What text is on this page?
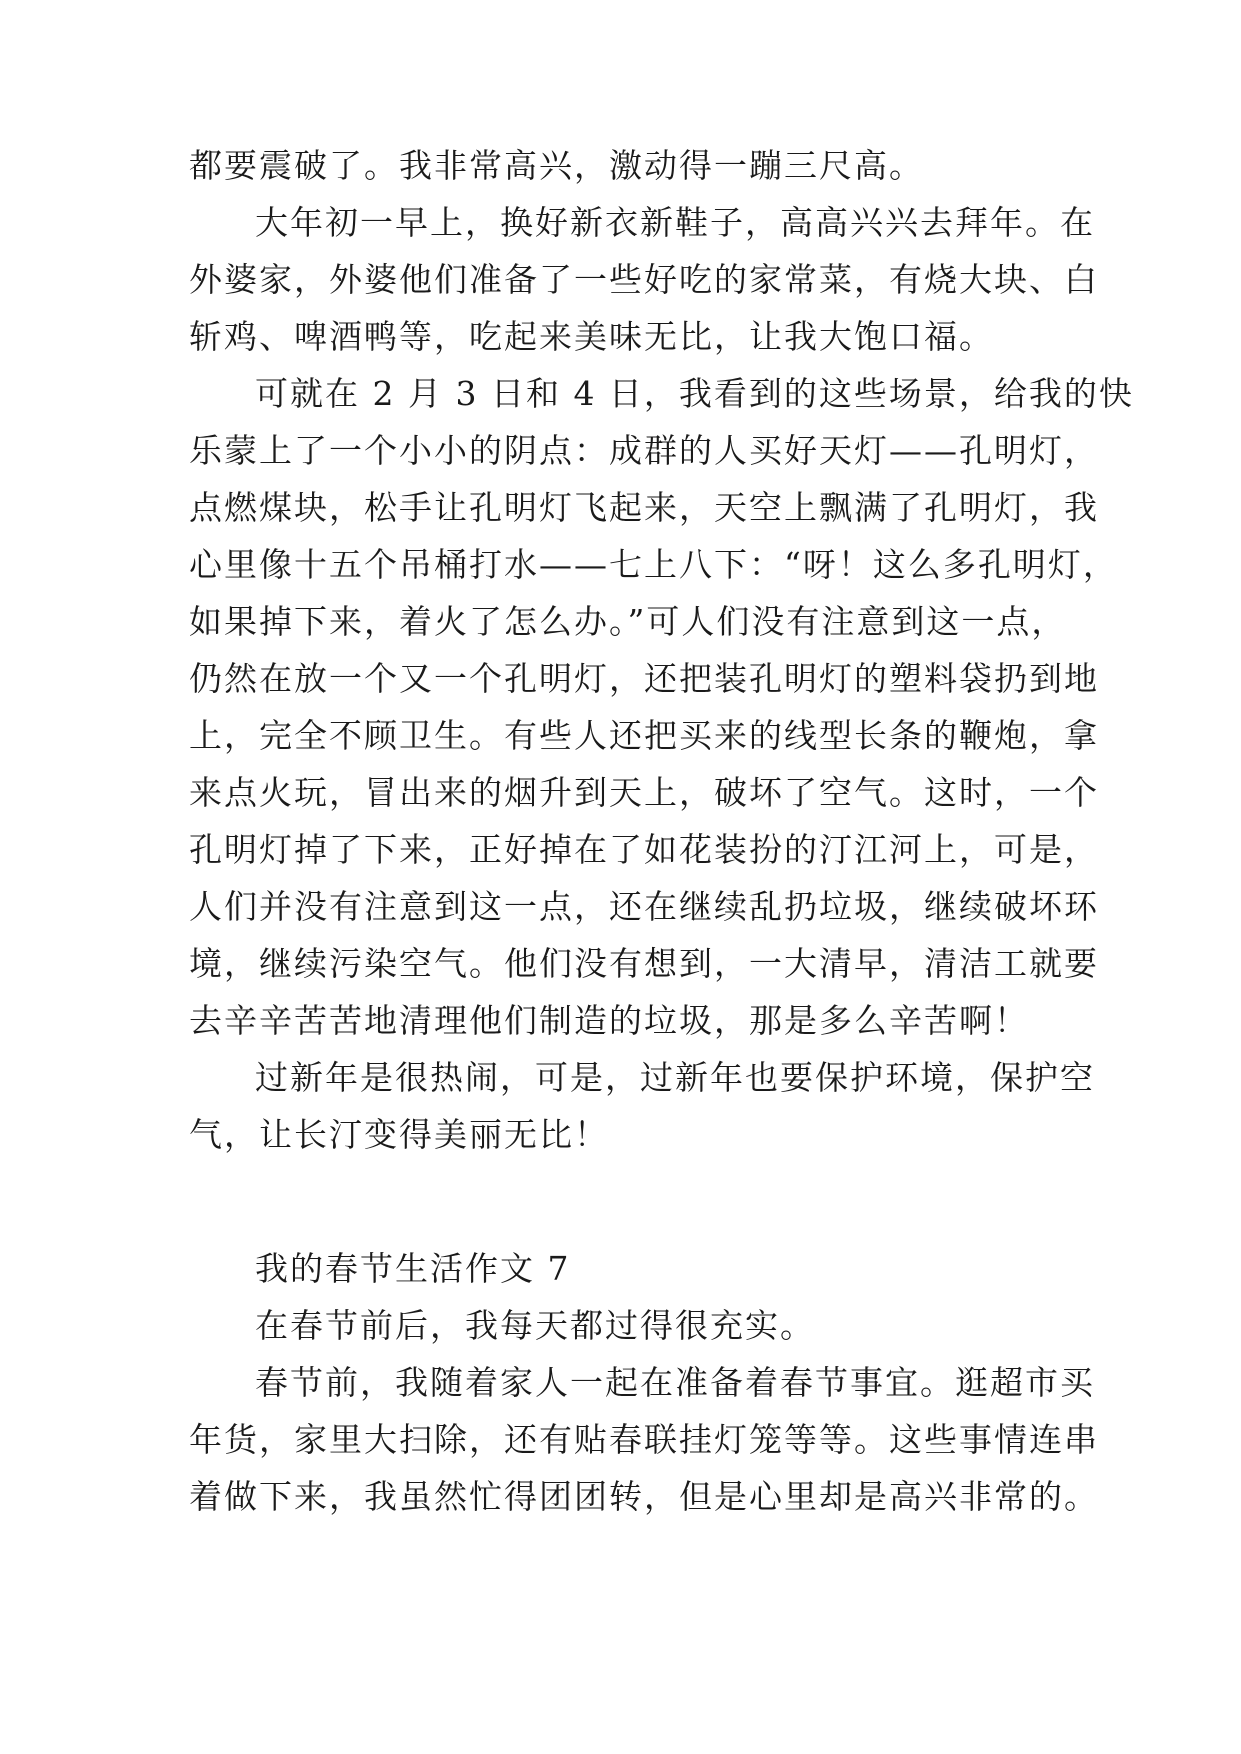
都要震破了。我非常高兴，激动得一蹦三尺高。
大年初一早上，换好新衣新鞋子，高高兴兴去拜年。在
外婆家，外婆他们准备了一些好吃的家常菜，有烧大块、白
斩鸡、啤酒鸭等，吃起来美味无比，让我大饱口福。
可就在 2 月 3 日和 4 日，我看到的这些场景，给我的快
乐蒙上了一个小小的阴点：成群的人买好天灯——孔明灯，
点燃煤块，松手让孔明灯飞起来，天空上飘满了孔明灯，我
心里像十五个吊桶打水——七上八下：“呀！这么多孔明灯，
如果掉下来，着火了怎么办。”可人们没有注意到这一点，
仍然在放一个又一个孔明灯，还把装孔明灯的塑料袋扔到地
上，完全不顾卫生。有些人还把买来的线型长条的鞭炮，拿
来点火玩，冒出来的烟升到天上，破坏了空气。这时，一个
孔明灯掉了下来，正好掉在了如花装扮的汀江河上，可是，
人们并没有注意到这一点，还在继续乱扔垃圾，继续破坏环
境，继续污染空气。他们没有想到，一大清早，清洁工就要
去辛辛苦苦地清理他们制造的垃圾，那是多么辛苦啊！
过新年是很热闹，可是，过新年也要保护环境，保护空
气，让长汀变得美丽无比！
我的春节生活作文 7
在春节前后，我每天都过得很充实。
春节前，我随着家人一起在准备着春节事宜。逛超市买
年货，家里大扫除，还有贴春联挂灯笼等等。这些事情连串
着做下来，我虽然忙得团团转，但是心里却是高兴非常的。
